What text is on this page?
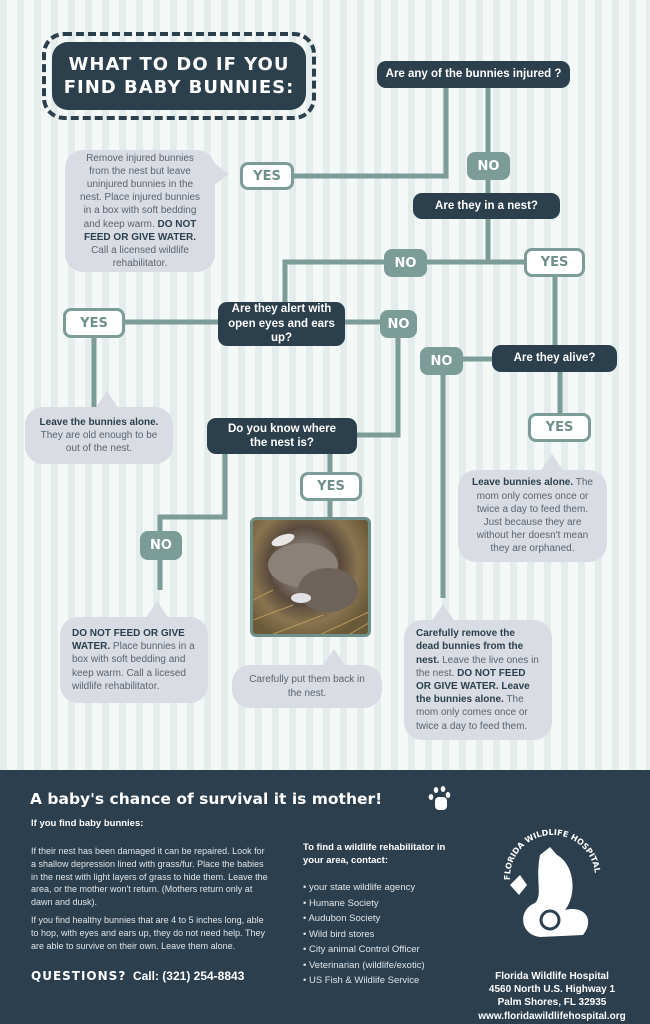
WHAT TO DO IF YOU
FIND BABY BUNNIES:
Are any of the bunnies injured ?
YES
NO
Remove injured bunnies from the nest but leave uninjured bunnies in the nest. Place injured bunnies in a box with soft bedding and keep warm. DO NOT FEED OR GIVE WATER. Call a licensed wildlife rehabilitator.
Are they in a nest?
NO	YES
Are they alert with open eyes and ears up?
YES	NO
Leave the bunnies alone. They are old enough to be out of the nest.
Are they alive?
NO
YES
Leave bunnies alone. The mom only comes once or twice a day to feed them. Just because they are without her doesn't mean they are orphaned.
Do you know where the nest is?
YES
NO
Carefully put them back in the nest.
DO NOT FEED OR GIVE WATER. Place bunnies in a box with soft bedding and keep warm. Call a licesed wildlife rehabilitator.
Carefully remove the dead bunnies from the nest. Leave the live ones in the nest. DO NOT FEED OR GIVE WATER. Leave the bunnies alone. The mom only comes once or twice a day to feed them.
A baby's chance of survival it is mother!
If you find baby bunnies:
If their nest has been damaged it can be repaired. Look for a shallow depression lined with grass/fur. Place the babies in the nest with light layers of grass to hide them. Leave the area, or the mother won't return. (Mothers return only at dawn and dusk).
If you find healthy bunnies that are 4 to 5 inches long, able to hop, with eyes and ears up, they do not need help. They are able to survive on their own. Leave them alone.
QUESTIONS? Call: (321) 254-8843
To find a wildlife rehabilitator in your area, contact:
• your state wildlife agency
• Humane Society
• Audubon Society
• Wild bird stores
• City animal Control Officer
• Veterinarian (wildlife/exotic)
• US Fish & Wildlife Service
FLORIDA WILDLIFE HOSPITAL
Florida Wildlife Hospital
4560 North U.S. Highway 1
Palm Shores, FL 32935
www.floridawildlifehospital.org
